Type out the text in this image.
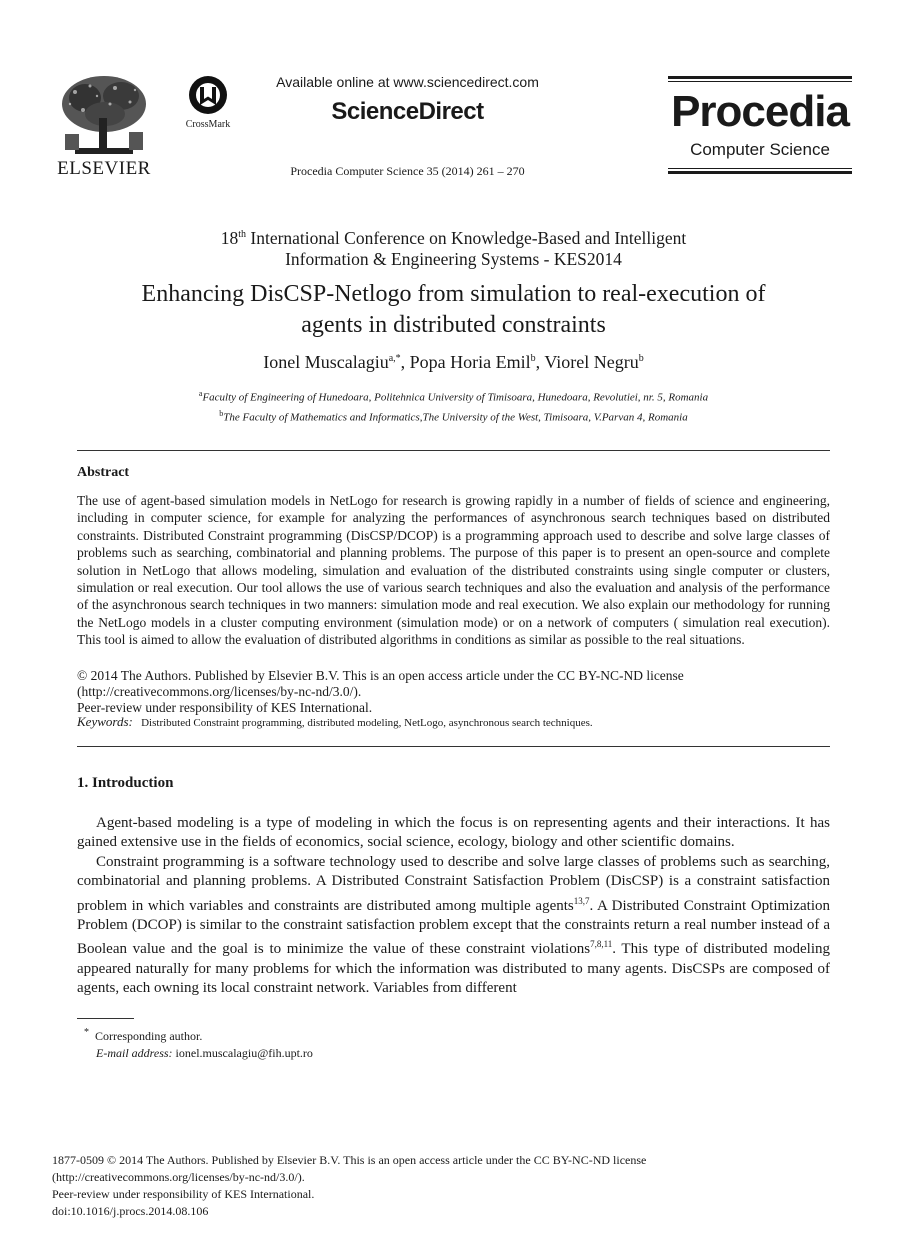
ELSEVIER
CrossMark
Available online at www.sciencedirect.com
ScienceDirect
Procedia Computer Science 35 (2014) 261 – 270
Procedia
Computer Science
18th International Conference on Knowledge-Based and Intelligent
Information & Engineering Systems - KES2014
Enhancing DisCSP-Netlogo from simulation to real-execution of
agents in distributed constraints
Ionel Muscalagiu$^{a,*}$, Popa Horia Emil$^b$, Viorel Negru$^b$
$^a$Faculty of Engineering of Hunedoara, Politehnica University of Timisoara, Hunedoara, Revolutiei, nr. 5, Romania
$^b$The Faculty of Mathematics and Informatics,The University of the West, Timisoara, V.Parvan 4, Romania
Abstract

The use of agent-based simulation models in NetLogo for research is growing rapidly in a number of fields of science and engineering, including in computer science, for example for analyzing the performances of asynchronous search techniques based on distributed constraints. Distributed Constraint programming (DisCSP/DCOP) is a programming approach used to describe and solve large classes of problems such as searching, combinatorial and planning problems. The purpose of this paper is to present an open-source and complete solution in NetLogo that allows modeling, simulation and evaluation of the distributed constraints using single computer or clusters, simulation or real execution. Our tool allows the use of various search techniques and also the evaluation and analysis of the performance of the asynchronous search techniques in two manners: simulation mode and real execution. We also explain our methodology for running the NetLogo models in a cluster computing environment (simulation mode) or on a network of computers ( simulation real execution). This tool is aimed to allow the evaluation of distributed algorithms in conditions as similar as possible to the real situations.

© 2014 The Authors. Published by Elsevier B.V. This is an open access article under the CC BY-NC-ND license
(http://creativecommons.org/licenses/by-nc-nd/3.0/).
Peer-review under responsibility of KES International.
Keywords: Distributed Constraint programming, distributed modeling, NetLogo, asynchronous search techniques.
1. Introduction

Agent-based modeling is a type of modeling in which the focus is on representing agents and their interactions. It has gained extensive use in the fields of economics, social science, ecology, biology and other scientific domains.

Constraint programming is a software technology used to describe and solve large classes of problems such as searching, combinatorial and planning problems. A Distributed Constraint Satisfaction Problem (DisCSP) is a constraint satisfaction problem in which variables and constraints are distributed among multiple agents$^{13,7}$. A Distributed Constraint Optimization Problem (DCOP) is similar to the constraint satisfaction problem except that the constraints return a real number instead of a Boolean value and the goal is to minimize the value of these constraint violations$^{7,8,11}$. This type of distributed modeling appeared naturally for many problems for which the information was distributed to many agents. DisCSPs are composed of agents, each owning its local constraint network. Variables from different

* Corresponding author.
E-mail address: ionel.muscalagiu@fih.upt.ro
1877-0509 © 2014 The Authors. Published by Elsevier B.V. This is an open access article under the CC BY-NC-ND license
(http://creativecommons.org/licenses/by-nc-nd/3.0/).
Peer-review under responsibility of KES International.
doi:10.1016/j.procs.2014.08.106
